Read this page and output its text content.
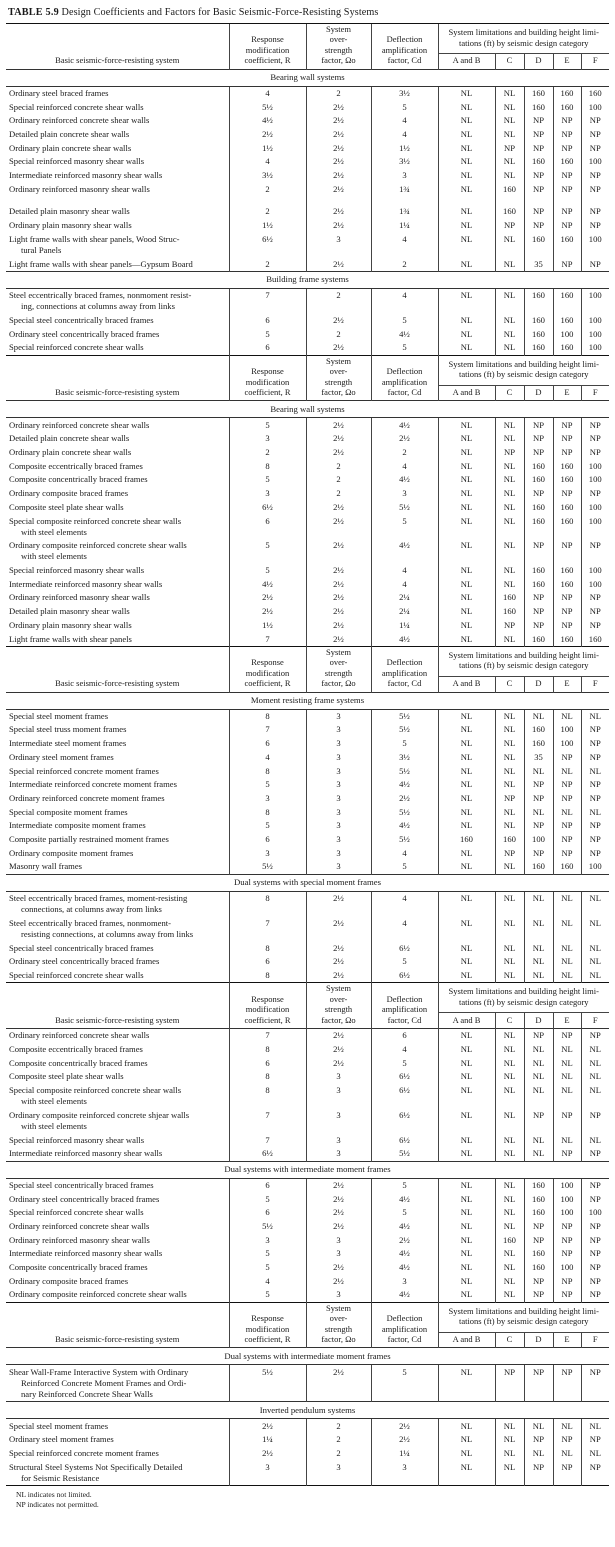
TABLE 5.9 Design Coefficients and Factors for Basic Seismic-Force-Resisting Systems
Basic seismic-force-resisting system

Response
modification
coefficient, R

System
over-
strength
factor, Ωo

Deflection
amplification
factor, Cd

System limitations and building height limi-
tations (ft) by seismic design category

				A and B	C	D	E	F
Bearing wall systems								
Ordinary steel braced frames	4	2	3½	NL	NL	160	160	160
Special reinforced concrete shear walls	5½	2½	5	NL	NL	160	160	100
Ordinary reinforced concrete shear walls	4½	2½	4	NL	NL	NP	NP	NP
Detailed plain concrete shear walls	2½	2½	4	NL	NL	NP	NP	NP
Ordinary plain concrete shear walls	1½	2½	1½	NL	NP	NP	NP	NP
Special reinforced masonry shear walls	4	2½	3½	NL	NL	160	160	100
Intermediate reinforced masonry shear walls	3½	2½	3	NL	NL	NP	NP	NP
Ordinary reinforced masonry shear walls	2	2½	1¾	NL	160	NP	NP	NP

Detailed plain masonry shear walls	2	2½	1¾	NL	160	NP	NP	NP
Ordinary plain masonry shear walls	1½	2½	1¼	NL	NP	NP	NP	NP
Light frame walls with shear panels, Wood Struc-
tural Panels	6½	3	4	NL	NL	160	160	100
Light frame walls with shear panels—Gypsum Board	2	2½	2	NL	NL	35	NP	NP
Building frame systems								
Steel eccentrically braced frames, nonmoment resist-
ing, connections at columns away from links	7	2	4	NL	NL	160	160	100
Special steel concentrically braced frames	6	2½	5	NL	NL	160	160	100
Ordinary steel concentrically braced frames	5	2	4½	NL	NL	160	100	100
Special reinforced concrete shear walls	6	2½	5	NL	NL	160	160	100

Basic seismic-force-resisting system

Response
modification
coefficient, R

System
over-
strength
factor, Ωo

Deflection
amplification
factor, Cd

System limitations and building height limi-
tations (ft) by seismic design category

				A and B	C	D	E	F
Bearing wall systems								
Ordinary reinforced concrete shear walls	5	2½	4½	NL	NL	NP	NP	NP
Detailed plain concrete shear walls	3	2½	2½	NL	NL	NP	NP	NP
Ordinary plain concrete shear walls	2	2½	2	NL	NP	NP	NP	NP
Composite eccentrically braced frames	8	2	4	NL	NL	160	160	100
Composite concentrically braced frames	5	2	4½	NL	NL	160	160	100
Ordinary composite braced frames	3	2	3	NL	NL	NP	NP	NP
Composite steel plate shear walls	6½	2½	5½	NL	NL	160	160	100
Special composite reinforced concrete shear walls
with steel elements	6	2½	5	NL	NL	160	160	100
Ordinary composite reinforced concrete shear walls
with steel elements	5	2½	4½	NL	NL	NP	NP	NP
Special reinforced masonry shear walls	5	2½	4	NL	NL	160	160	100
Intermediate reinforced masonry shear walls	4½	2½	4	NL	NL	160	160	100
Ordinary reinforced masonry shear walls	2½	2½	2¼	NL	160	NP	NP	NP
Detailed plain masonry shear walls	2½	2½	2¼	NL	160	NP	NP	NP
Ordinary plain masonry shear walls	1½	2½	1¼	NL	NP	NP	NP	NP
Light frame walls with shear panels	7	2½	4½	NL	NL	160	160	160

Basic seismic-force-resisting system

Response
modification
coefficient, R

System
over-
strength
factor, Ωo

Deflection
amplification
factor, Cd

System limitations and building height limi-
tations (ft) by seismic design category

				A and B	C	D	E	F
Moment resisting frame systems								
Special steel moment frames	8	3	5½	NL	NL	NL	NL	NL
Special steel truss moment frames	7	3	5½	NL	NL	160	100	NP
Intermediate steel moment frames	6	3	5	NL	NL	160	100	NP
Ordinary steel moment frames	4	3	3½	NL	NL	35	NP	NP
Special reinforced concrete moment frames	8	3	5½	NL	NL	NL	NL	NL
Intermediate reinforced concrete moment frames	5	3	4½	NL	NL	NP	NP	NP
Ordinary reinforced concrete moment frames	3	3	2½	NL	NP	NP	NP	NP
Special composite moment frames	8	3	5½	NL	NL	NL	NL	NL
Intermediate composite moment frames	5	3	4½	NL	NL	NP	NP	NP
Composite partially restrained moment frames	6	3	5½	160	160	100	NP	NP
Ordinary composite moment frames	3	3	4	NL	NP	NP	NP	NP
Masonry wall frames	5½	3	5	NL	NL	160	160	100
Dual systems with special moment frames								
Steel eccentrically braced frames, moment-resisting
connections, at columns away from links	8	2½	4	NL	NL	NL	NL	NL
Steel eccentrically braced frames, nonmoment-
resisting connections, at columns away from links	7	2½	4	NL	NL	NL	NL	NL
Special steel concentrically braced frames	8	2½	6½	NL	NL	NL	NL	NL
Ordinary steel concentrically braced frames	6	2½	5	NL	NL	NL	NL	NL
Special reinforced concrete shear walls	8	2½	6½	NL	NL	NL	NL	NL

Basic seismic-force-resisting system

Response
modification
coefficient, R

System
over-
strength
factor, Ωo

Deflection
amplification
factor, Cd

System limitations and building height limi-
tations (ft) by seismic design category

				A and B	C	D	E	F
Ordinary reinforced concrete shear walls	7	2½	6	NL	NL	NP	NP	NP
Composite eccentrically braced frames	8	2½	4	NL	NL	NL	NL	NL
Composite concentrically braced frames	6	2½	5	NL	NL	NL	NL	NL
Composite steel plate shear walls	8	3	6½	NL	NL	NL	NL	NL
Special composite reinforced concrete shear walls
with steel elements	8	3	6½	NL	NL	NL	NL	NL
Ordinary composite reinforced concrete shjear walls
with steel elements	7	3	6½	NL	NL	NP	NP	NP
Special reinforced masonry shear walls	7	3	6½	NL	NL	NL	NL	NL
Intermediate reinforced masonry shear walls	6½	3	5½	NL	NL	NL	NP	NP
Dual systems with intermediate moment frames								
Special steel concentrically braced frames	6	2½	5	NL	NL	160	100	NP
Ordinary steel concentrically braced frames	5	2½	4½	NL	NL	160	100	NP
Special reinforced concrete shear walls	6	2½	5	NL	NL	160	100	100
Ordinary reinforced concrete shear walls	5½	2½	4½	NL	NL	NP	NP	NP
Ordinary reinforced masonry shear walls	3	3	2½	NL	160	NP	NP	NP
Intermediate reinforced masonry shear walls	5	3	4½	NL	NL	160	NP	NP
Composite concentrically braced frames	5	2½	4½	NL	NL	160	100	NP
Ordinary composite braced frames	4	2½	3	NL	NL	NP	NP	NP
Ordinary composite reinforced concrete shear walls	5	3	4½	NL	NL	NP	NP	NP

Basic seismic-force-resisting system

Response
modification
coefficient, R

System
over-
strength
factor, Ωo

Deflection
amplification
factor, Cd

System limitations and building height limi-
tations (ft) by seismic design category

				A and B	C	D	E	F
Dual systems with intermediate moment frames								
Shear Wall-Frame Interactive System with Ordinary
Reinforced Concrete Moment Frames and Ordi-
nary Reinforced Concrete Shear Walls	5½	2½	5	NL	NP	NP	NP	NP
Inverted pendulum systems								
Special steel moment frames	2½	2	2½	NL	NL	NL	NL	NL
Ordinary steel moment frames	1¼	2	2½	NL	NL	NP	NP	NP
Special reinforced concrete moment frames	2½	2	1¼	NL	NL	NL	NL	NL
Structural Steel Systems Not Specifically Detailed
for Seismic Resistance	3	3	3	NL	NL	NP	NP	NP

NL indicates not limited.
NP indicates not permitted.
